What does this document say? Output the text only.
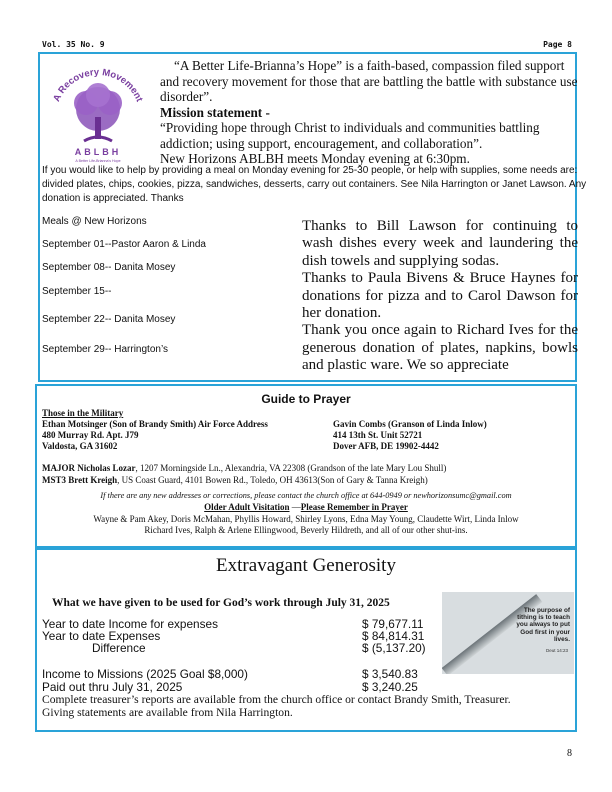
Vol. 35 No. 9	Page 8
A Recovery Movement
ABLBH
A Better Life-Brianna's Hope

“A Better Life-Brianna’s Hope” is a faith-based, compassion filed support and recovery movement for those that are battling the battle with substance use disorder”.

Mission statement -

“Providing hope through Christ to individuals and communities battling addiction; using support, encouragement, and collaboration”.

New Horizons ABLBH meets Monday evening at 6:30pm.

If you would like to help by providing a meal on Monday evening for 25-30 people, or help with supplies, some needs are: divided plates, chips, cookies, pizza, sandwiches, desserts, carry out containers. See Nila Harrington or Janet Lawson. Any donation is appreciated. Thanks
Meals @ New Horizons
September 01--Pastor Aaron & Linda
September 08-- Danita Mosey
September 15--
September 22-- Danita Mosey
September 29-- Harrington’s

Thanks to Bill Lawson for continuing to wash dishes every week and laundering the dish towels and supplying sodas.

Thanks to Paula Bivens & Bruce Haynes for donations for pizza and to Carol Dawson for her donation.

Thank you once again to Richard Ives for the generous donation of plates, napkins, bowls and plastic ware. We so appreciate

Guide to Prayer
Those in the Military
Ethan Motsinger (Son of Brandy Smith) Air Force Address
480 Murray Rd. Apt. J79
Valdosta, GA 31602
Gavin Combs (Granson of Linda Inlow)
414 13th St. Unit 52721
Dover AFB, DE 19902-4442
MAJOR Nicholas Lozar, 1207 Morningside Ln., Alexandria, VA 22308 (Grandson of the late Mary Lou Shull)
MST3 Brett Kreigh, US Coast Guard, 4101 Bowen Rd., Toledo, OH 43613(Son of Gary & Tanna Kreigh)
If there are any new addresses or corrections, please contact the church office at 644-0949 or newhorizonsumc@gmail.com
Older Adult Visitation —Please Remember in Prayer
Wayne & Pam Akey, Doris McMahan, Phyllis Howard, Shirley Lyons, Edna May Young, Claudette Wirt, Linda Inlow
Richard Ives, Ralph & Arlene Ellingwood, Beverly Hildreth, and all of our other shut-ins.
Extravagant Generosity
What we have given to be used for God’s work through July 31, 2025
Year to date Income for expenses	$ 79,677.11
Year to date Expenses	$ 84,814.31
Difference	$ (5,137.20)
Income to Missions (2025 Goal $8,000)	$ 3,540.83
Paid out thru July 31, 2025	$ 3,240.25
Complete treasurer’s reports are available from the church office or contact Brandy Smith, Treasurer.
Giving statements are available from Nila Harrington.
The purpose of tithing is to teach you always to put God first in your lives.
Deut 14:23
8
